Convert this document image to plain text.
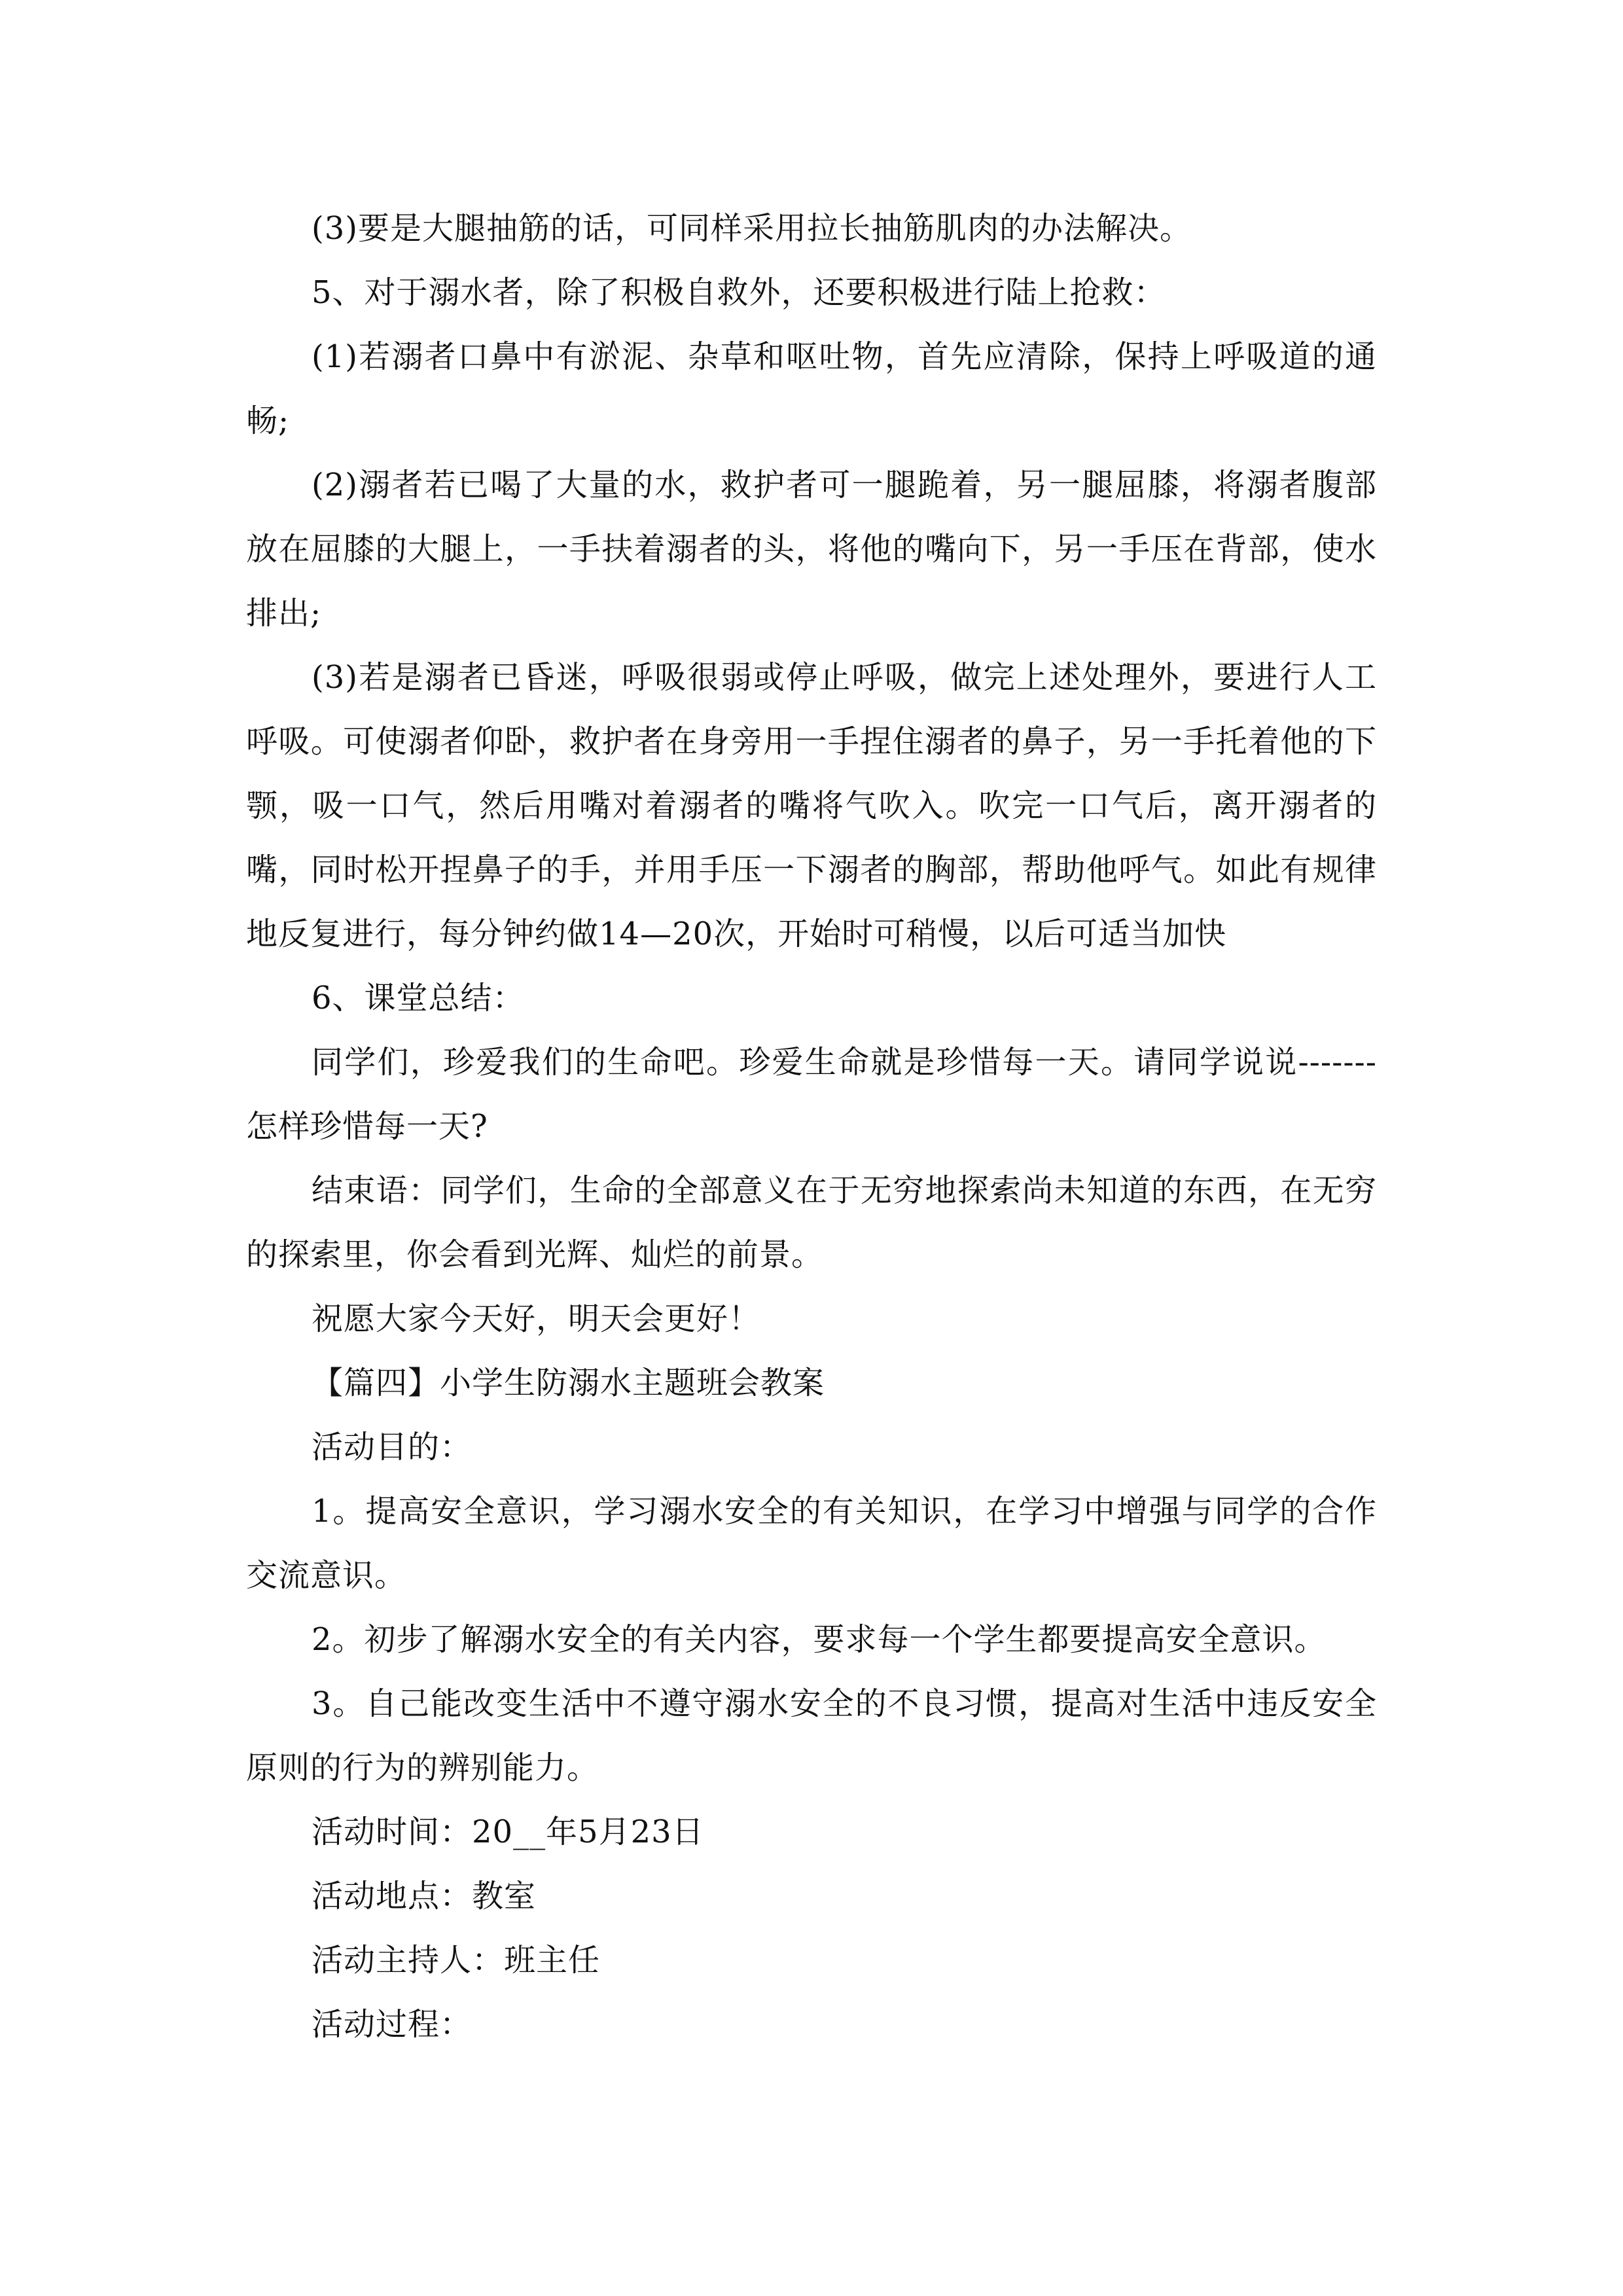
(3)要是大腿抽筋的话，可同样采用拉长抽筋肌肉的办法解决。

5、对于溺水者，除了积极自救外，还要积极进行陆上抢救：

(1)若溺者口鼻中有淤泥、杂草和呕吐物，首先应清除，保持上呼吸道的通畅;

(2)溺者若已喝了大量的水，救护者可一腿跪着，另一腿屈膝，将溺者腹部放在屈膝的大腿上，一手扶着溺者的头，将他的嘴向下，另一手压在背部，使水排出;

(3)若是溺者已昏迷，呼吸很弱或停止呼吸，做完上述处理外，要进行人工呼吸。可使溺者仰卧，救护者在身旁用一手捏住溺者的鼻子，另一手托着他的下颚，吸一口气，然后用嘴对着溺者的嘴将气吹入。吹完一口气后，离开溺者的嘴，同时松开捏鼻子的手，并用手压一下溺者的胸部，帮助他呼气。如此有规律地反复进行，每分钟约做14—20次，开始时可稍慢，以后可适当加快

6、课堂总结：

同学们，珍爱我们的生命吧。珍爱生命就是珍惜每一天。请同学说说-------怎样珍惜每一天?

结束语：同学们，生命的全部意义在于无穷地探索尚未知道的东西，在无穷的探索里，你会看到光辉、灿烂的前景。

祝愿大家今天好，明天会更好！

【篇四】小学生防溺水主题班会教案

活动目的：

1。提高安全意识，学习溺水安全的有关知识，在学习中增强与同学的合作交流意识。

2。初步了解溺水安全的有关内容，要求每一个学生都要提高安全意识。

3。自己能改变生活中不遵守溺水安全的不良习惯，提高对生活中违反安全原则的行为的辨别能力。

活动时间：20__年5月23日

活动地点：教室

活动主持人：班主任

活动过程：
